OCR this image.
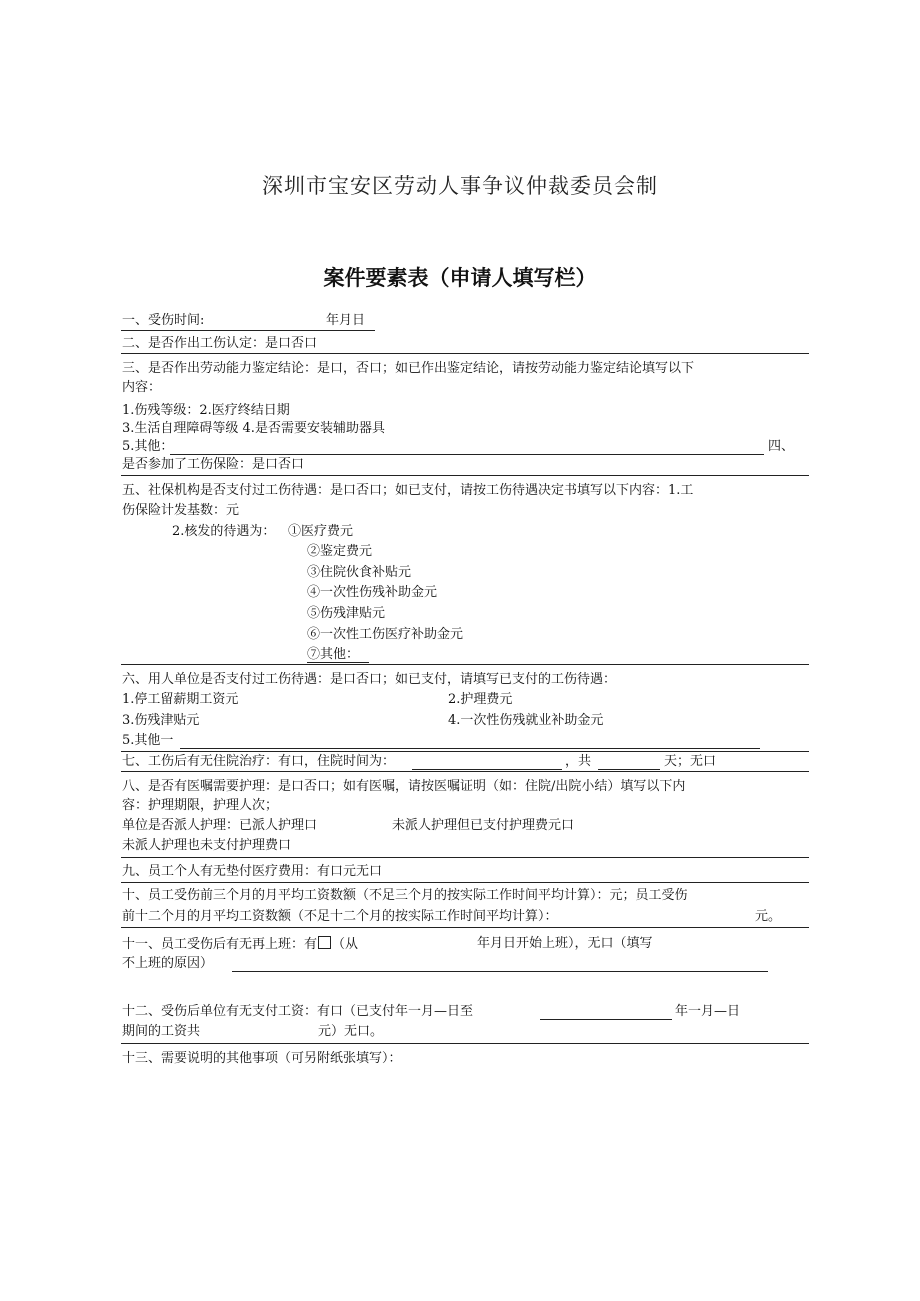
深圳市宝安区劳动人事争议仲裁委员会制
案件要素表（申请人填写栏）
一、受伤时间:	年月日
二、是否作出工伤认定：是口否口
三、是否作出劳动能力鉴定结论：是口，否口；如已作出鉴定结论，请按劳动能力鉴定结论填写以下
内容：
1.伤残等级：2.医疗终结日期
3.生活自理障碍等级 4.是否需要安装辅助器具
5.其他：	四、
是否参加了工伤保险：是口否口
五、社保机构是否支付过工伤待遇：是口否口；如已支付，请按工伤待遇决定书填写以下内容：1.工
伤保险计发基数：元
2.核发的待遇为： ①医疗费元
②鉴定费元
③住院伙食补贴元
④一次性伤残补助金元
⑤伤残津贴元
⑥一次性工伤医疗补助金元
⑦其他：
六、用人单位是否支付过工伤待遇：是口否口；如已支付，请填写已支付的工伤待遇：
1.停工留薪期工资元	2.护理费元
3.伤残津贴元	4.一次性伤残就业补助金元
5.其他一
七、工伤后有无住院治疗：有口，住院时间为：	，共	天；无口
八、是否有医嘱需要护理：是口否口；如有医嘱，请按医嘱证明（如：住院/出院小结）填写以下内
容：护理期限，护理人次；
单位是否派人护理：已派人护理口	未派人护理但已支付护理费元口
未派人护理也未支付护理费口
九、员工个人有无垫付医疗费用：有口元无口
十、员工受伤前三个月的月平均工资数额（不足三个月的按实际工作时间平均计算）：元；员工受伤
前十二个月的月平均工资数额（不足十二个月的按实际工作时间平均计算）：	元。
十一、员工受伤后有无再上班：有 （从	年月日开始上班），无口（填写
不上班的原因）
十二、受伤后单位有无支付工资：有口（已支付年一月—日至	年一月—日
期间的工资共	元）无口。
十三、需要说明的其他事项（可另附纸张填写）：
